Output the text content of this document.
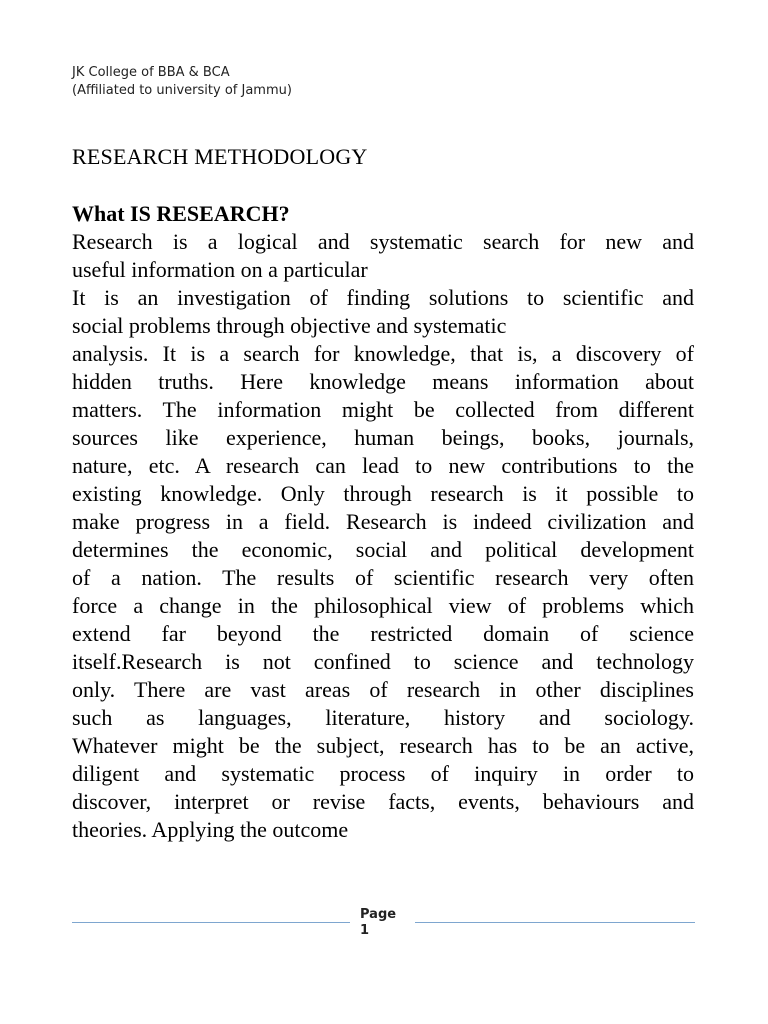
JK College of BBA & BCA
(Affiliated to university of Jammu)
RESEARCH METHODOLOGY
What IS RESEARCH?
Research is a logical and systematic search for new and
useful information on a particular
It is an investigation of finding solutions to scientific and
social problems through objective and systematic
analysis. It is a search for knowledge, that is, a discovery of
hidden truths. Here knowledge means information about
matters. The information might be collected from different
sources like experience, human beings, books, journals,
nature, etc. A research can lead to new contributions to the
existing knowledge. Only through research is it possible to
make progress in a field. Research is indeed civilization and
determines the economic, social and political development
of a nation. The results of scientific research very often
force a change in the philosophical view of problems which
extend far beyond the restricted domain of science
itself.Research is not confined to science and technology
only. There are vast areas of research in other disciplines
such as languages, literature, history and sociology.
Whatever might be the subject, research has to be an active,
diligent and systematic process of inquiry in order to
discover, interpret or revise facts, events, behaviours and
theories. Applying the outcome
Page
1
